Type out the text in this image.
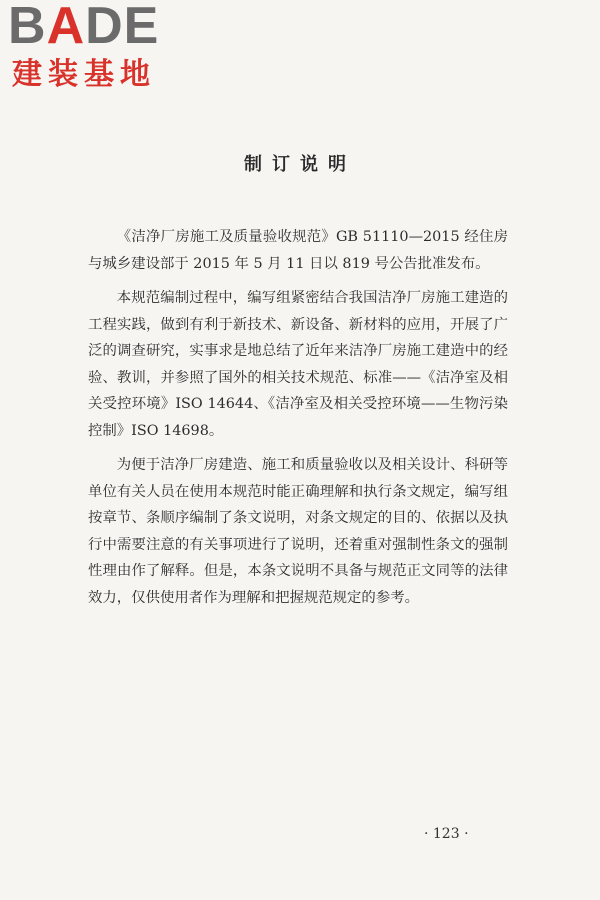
BADE
建装基地
制订说明

《洁净厂房施工及质量验收规范》GB 51110—2015 经住房与城乡建设部于 2015 年 5 月 11 日以 819 号公告批准发布。

本规范编制过程中，编写组紧密结合我国洁净厂房施工建造的工程实践，做到有利于新技术、新设备、新材料的应用，开展了广泛的调查研究，实事求是地总结了近年来洁净厂房施工建造中的经验、教训，并参照了国外的相关技术规范、标准——《洁净室及相关受控环境》ISO 14644、《洁净室及相关受控环境——生物污染控制》ISO 14698。

为便于洁净厂房建造、施工和质量验收以及相关设计、科研等单位有关人员在使用本规范时能正确理解和执行条文规定，编写组按章节、条顺序编制了条文说明，对条文规定的目的、依据以及执行中需要注意的有关事项进行了说明，还着重对强制性条文的强制性理由作了解释。但是，本条文说明不具备与规范正文同等的法律效力，仅供使用者作为理解和把握规范规定的参考。

· 123 ·
